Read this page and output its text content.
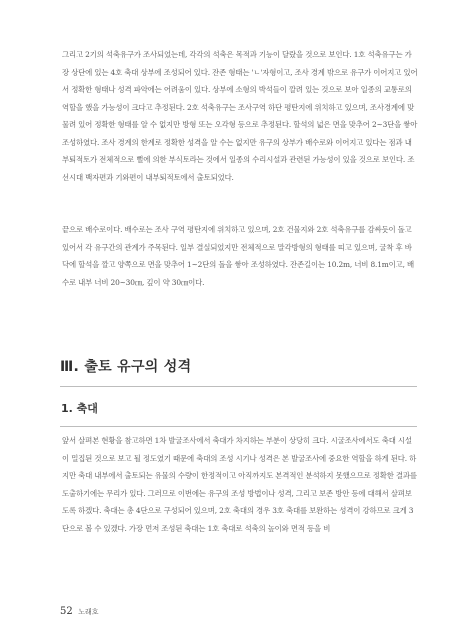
그리고 2기의 석축유구가 조사되었는데, 각각의 석축은 목적과 기능이 달랐을 것으로 보인다. 1호 석축유구는 가장 상단에 있는 4호 축대 상부에 조성되어 있다. 잔존 형태는 'ㄴ'자형이고, 조사 경계 밖으로 유구가 이어지고 있어서 정확한 형태나 성격 파악에는 어려움이 있다. 상부에 소형의 박석들이 깔려 있는 것으로 보아 일종의 교통로의 역할을 했을 가능성이 크다고 추정된다. 2호 석축유구는 조사구역 하단 평탄지에 위치하고 있으며, 조사경계에 맞물려 있어 정확한 형태를 알 수 없지만 방형 또는 오각형 등으로 추정된다. 할석의 넓은 면을 맞추어 2~3단을 쌓아 조성하였다. 조사 경계의 한계로 정확한 성격을 알 수는 없지만 유구의 상부가 배수로와 이어지고 있다는 점과 내부퇴적토가 전체적으로 뻘에 의한 부식토라는 것에서 일종의 수리시설과 관련된 가능성이 있을 것으로 보인다. 조선시대 백자편과 기와편이 내부퇴적토에서 출토되었다.

끝으로 배수로이다. 배수로는 조사 구역 평탄지에 위치하고 있으며, 2호 건물지와 2호 석축유구를 감싸듯이 돌고 있어서 각 유구간의 관계가 주목된다. 일부 결실되었지만 전체적으로 말각방형의 형태를 띠고 있으며, 굴착 후 바닥에 할석을 깔고 양쪽으로 면을 맞추어 1~2단의 돌을 쌓아 조성하였다. 잔존길이는 10.2m, 너비 8.1m이고, 배수로 내부 너비 20~30㎝, 깊이 약 30㎝이다.

Ⅲ. 출토 유구의 성격
1. 축대

앞서 살펴본 현황을 참고하면 1차 발굴조사에서 축대가 차지하는 부분이 상당히 크다. 시굴조사에서도 축대 시설이 밀집된 것으로 보고 될 정도였기 때문에 축대의 조성 시기나 성격은 본 발굴조사에 중요한 역할을 하게 된다. 하지만 축대 내부에서 출토되는 유물의 수량이 한정적이고 아직까지도 본격적인 분석하지 못했으므로 정확한 결과를 도출하기에는 무리가 있다. 그러므로 이번에는 유구의 조성 방법이나 성격, 그리고 보존 방안 등에 대해서 살펴보도록 하겠다. 축대는 총 4단으로 구성되어 있으며, 2호 축대의 경우 3호 축대를 보완하는 성격이 강하므로 크게 3단으로 볼 수 있겠다. 가장 먼저 조성된 축대는 1호 축대로 석축의 높이와 면적 등을 비

52 노래호
